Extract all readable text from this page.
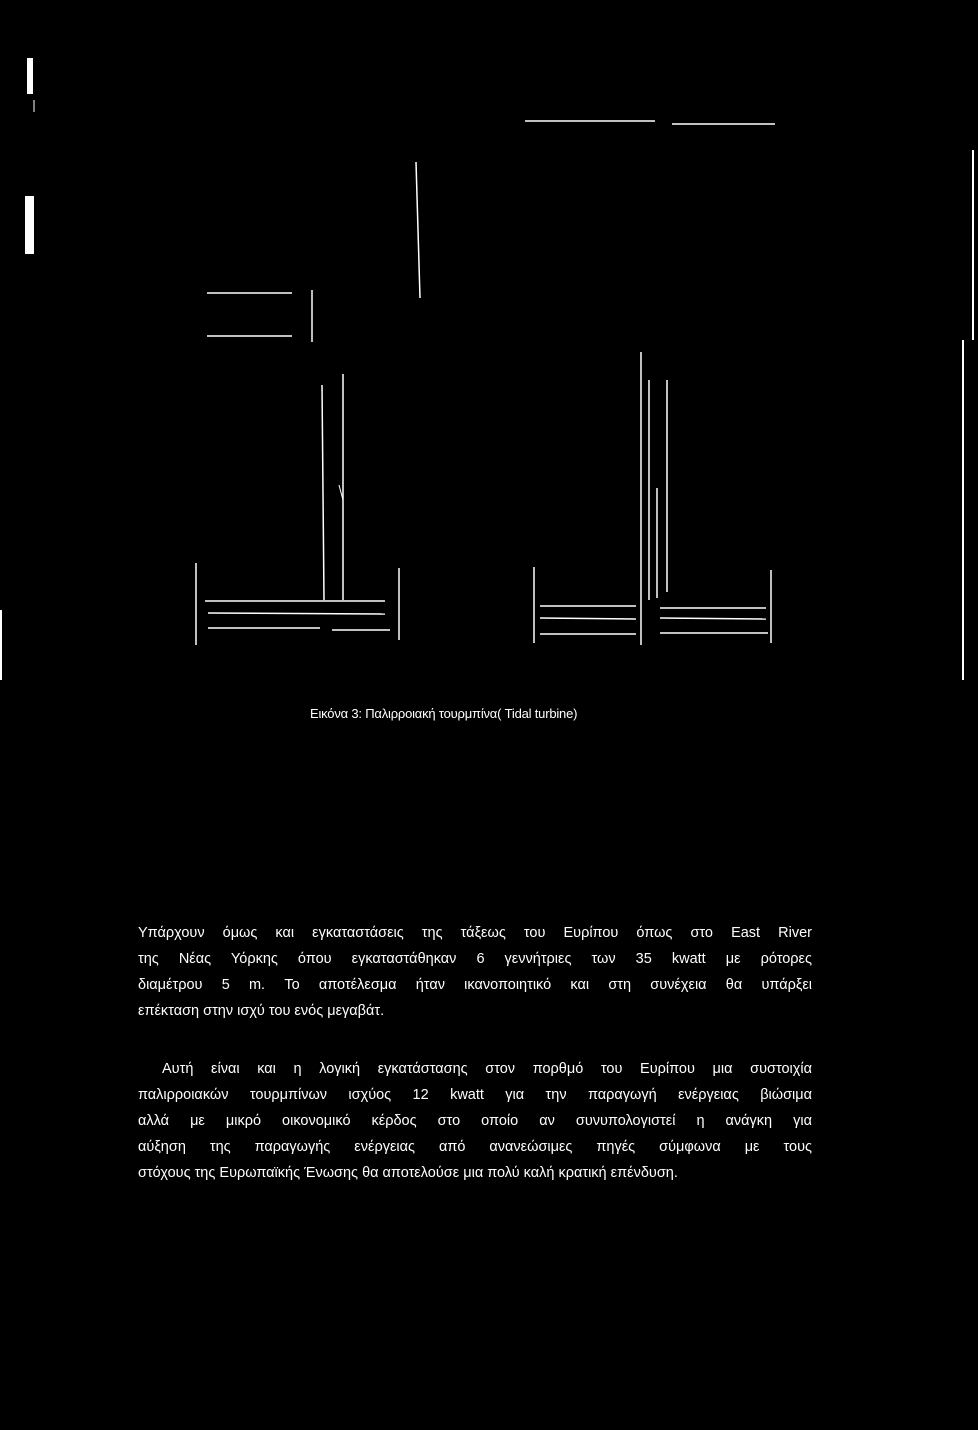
Εικόνα 3: Παλιρροιακή τουρμπίνα( Tidal turbine)
Υπάρχουν όμως και εγκαταστάσεις της τάξεως του Ευρίπου όπως στο East River
της Νέας Υόρκης όπου εγκαταστάθηκαν 6 γεννήτριες των 35 kwatt με ρότορες
διαμέτρου 5 m. Το αποτέλεσμα ήταν ικανοποιητικό και στη συνέχεια θα υπάρξει
επέκταση στην ισχύ του ενός μεγαβάτ.
Αυτή είναι και η λογική εγκατάστασης στον πορθμό του Ευρίπου μια συστοιχία
παλιρροιακών τουρμπίνων ισχύος 12 kwatt για την παραγωγή ενέργειας βιώσιμα
αλλά με μικρό οικονομικό κέρδος στο οποίο αν συνυπολογιστεί η ανάγκη για
αύξηση της παραγωγής ενέργειας από ανανεώσιμες πηγές σύμφωνα με τους
στόχους της Ευρωπαϊκής Ένωσης θα αποτελούσε μια πολύ καλή κρατική επένδυση.
